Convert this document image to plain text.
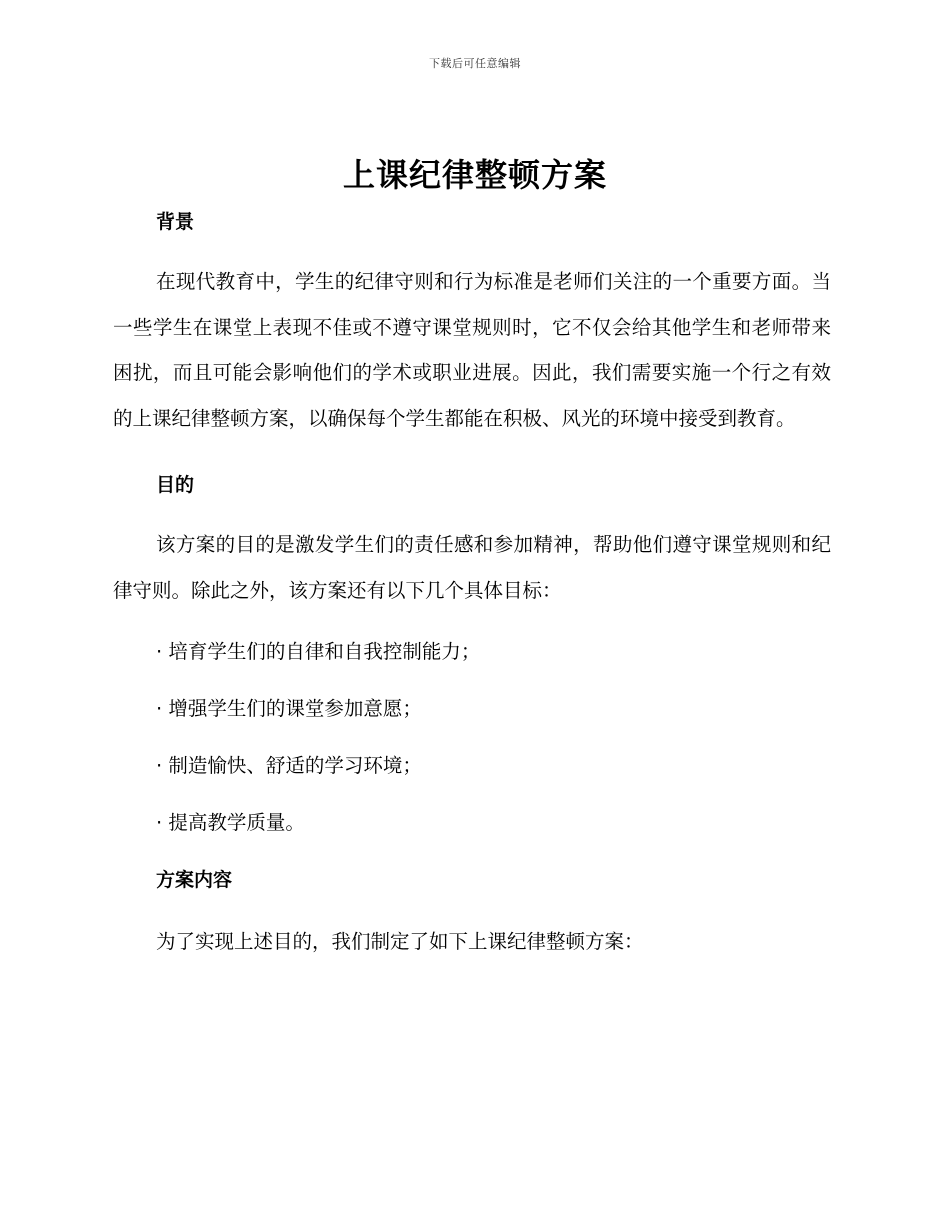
下载后可任意编辑
上课纪律整顿方案

背景

在现代教育中，学生的纪律守则和行为标准是老师们关注的一个重要方面。当一些学生在课堂上表现不佳或不遵守课堂规则时，它不仅会给其他学生和老师带来困扰，而且可能会影响他们的学术或职业进展。因此，我们需要实施一个行之有效的上课纪律整顿方案，以确保每个学生都能在积极、风光的环境中接受到教育。

目的

该方案的目的是激发学生们的责任感和参加精神，帮助他们遵守课堂规则和纪律守则。除此之外，该方案还有以下几个具体目标：

· 培育学生们的自律和自我控制能力；

· 增强学生们的课堂参加意愿；

· 制造愉快、舒适的学习环境；

· 提高教学质量。

方案内容

为了实现上述目的，我们制定了如下上课纪律整顿方案：
